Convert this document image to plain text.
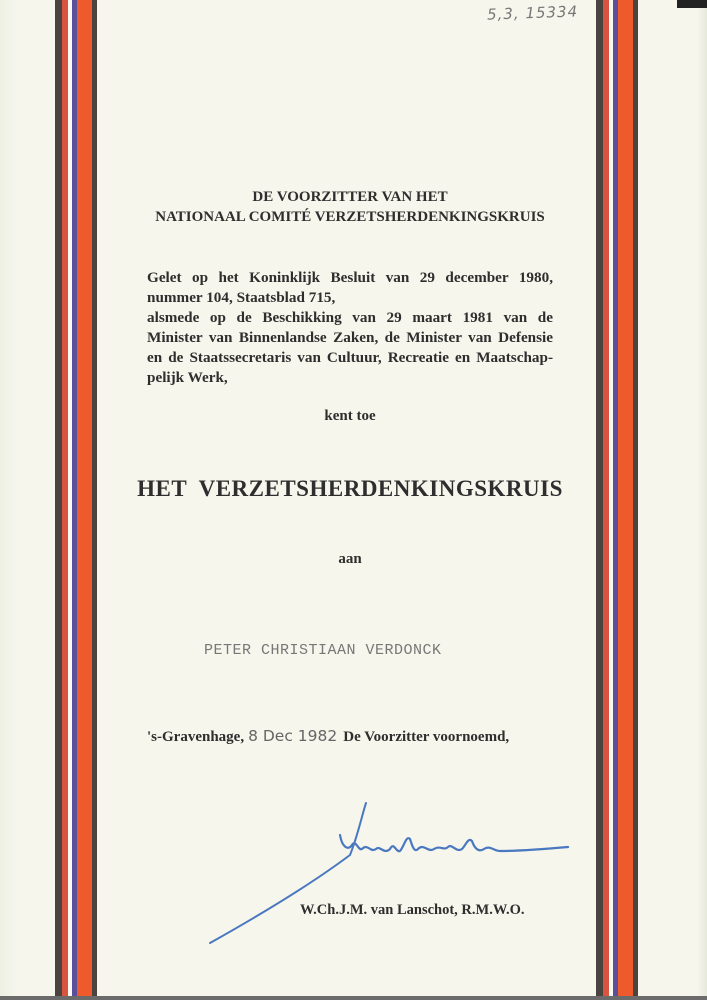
5,3, 15334
DE VOORZITTER VAN HET
NATIONAAL COMITÉ VERZETSHERDENKINGSKRUIS

Gelet op het Koninklijk Besluit van 29 december 1980,

nummer 104, Staatsblad 715,

alsmede op de Beschikking van 29 maart 1981 van de

Minister van Binnenlandse Zaken, de Minister van Defensie

en de Staatssecretaris van Cultuur, Recreatie en Maatschap-

pelijk Werk,

kent toe
HET VERZETSHERDENKINGSKRUIS
aan
PETER CHRISTIAAN VERDONCK
's-Gravenhage, 8 Dec 1982 De Voorzitter voornoemd,
W.Ch.J.M. van Lanschot, R.M.W.O.
